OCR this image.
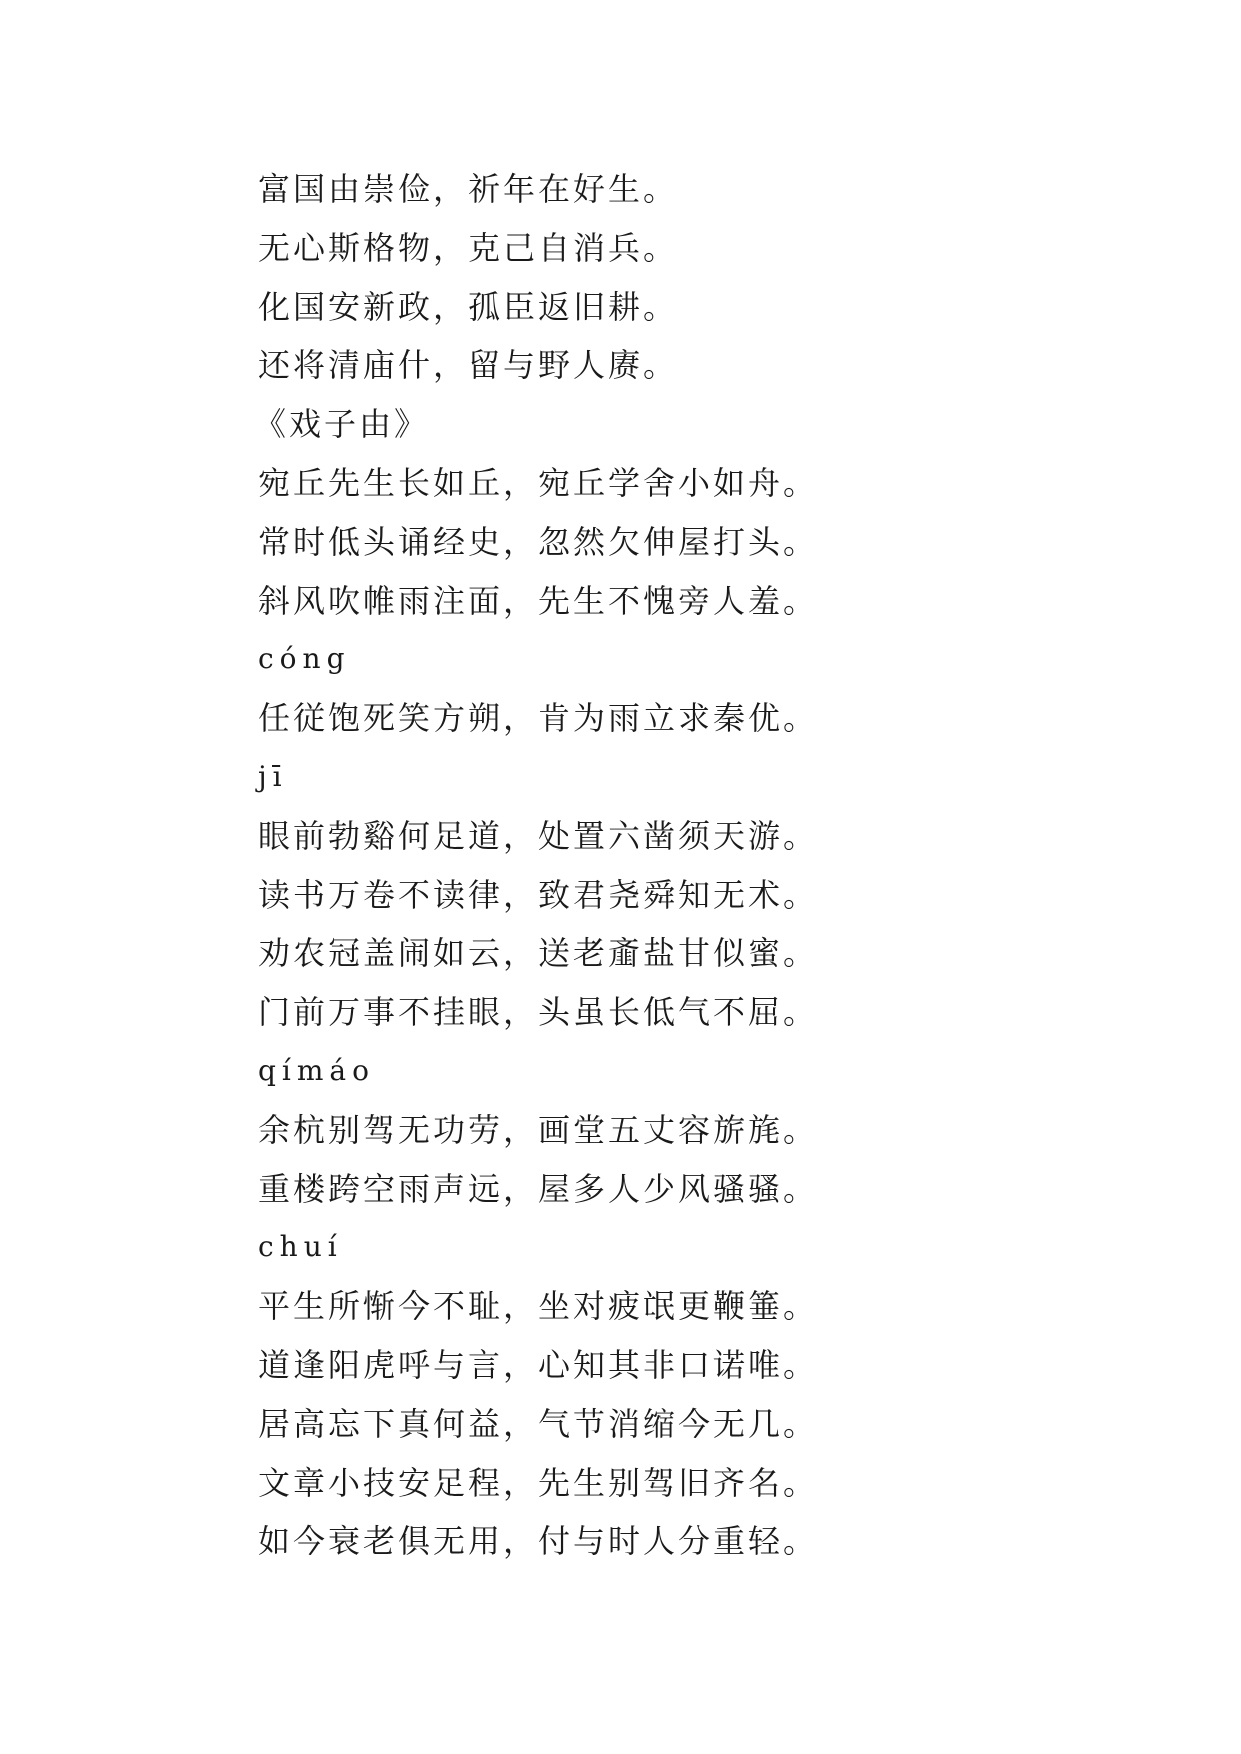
富国由崇俭，祈年在好生。
无心斯格物，克己自消兵。
化国安新政，孤臣返旧耕。
还将清庙什，留与野人赓。
《戏子由》
宛丘先生长如丘，宛丘学舍小如舟。
常时低头诵经史，忽然欠伸屋打头。
斜风吹帷雨注面，先生不愧旁人羞。
cóng
任従饱死笑方朔，肯为雨立求秦优。
jī
眼前勃谿何足道，处置六凿须天游。
读书万卷不读律，致君尧舜知无术。
劝农冠盖闹如云，送老齑盐甘似蜜。
门前万事不挂眼，头虽长低气不屈。
qímáo
余杭别驾无功劳，画堂五丈容旂旄。
重楼跨空雨声远，屋多人少风骚骚。
chuí
平生所惭今不耻，坐对疲氓更鞭箠。
道逢阳虎呼与言，心知其非口诺唯。
居高忘下真何益，气节消缩今无几。
文章小技安足程，先生别驾旧齐名。
如今衰老俱无用，付与时人分重轻。
